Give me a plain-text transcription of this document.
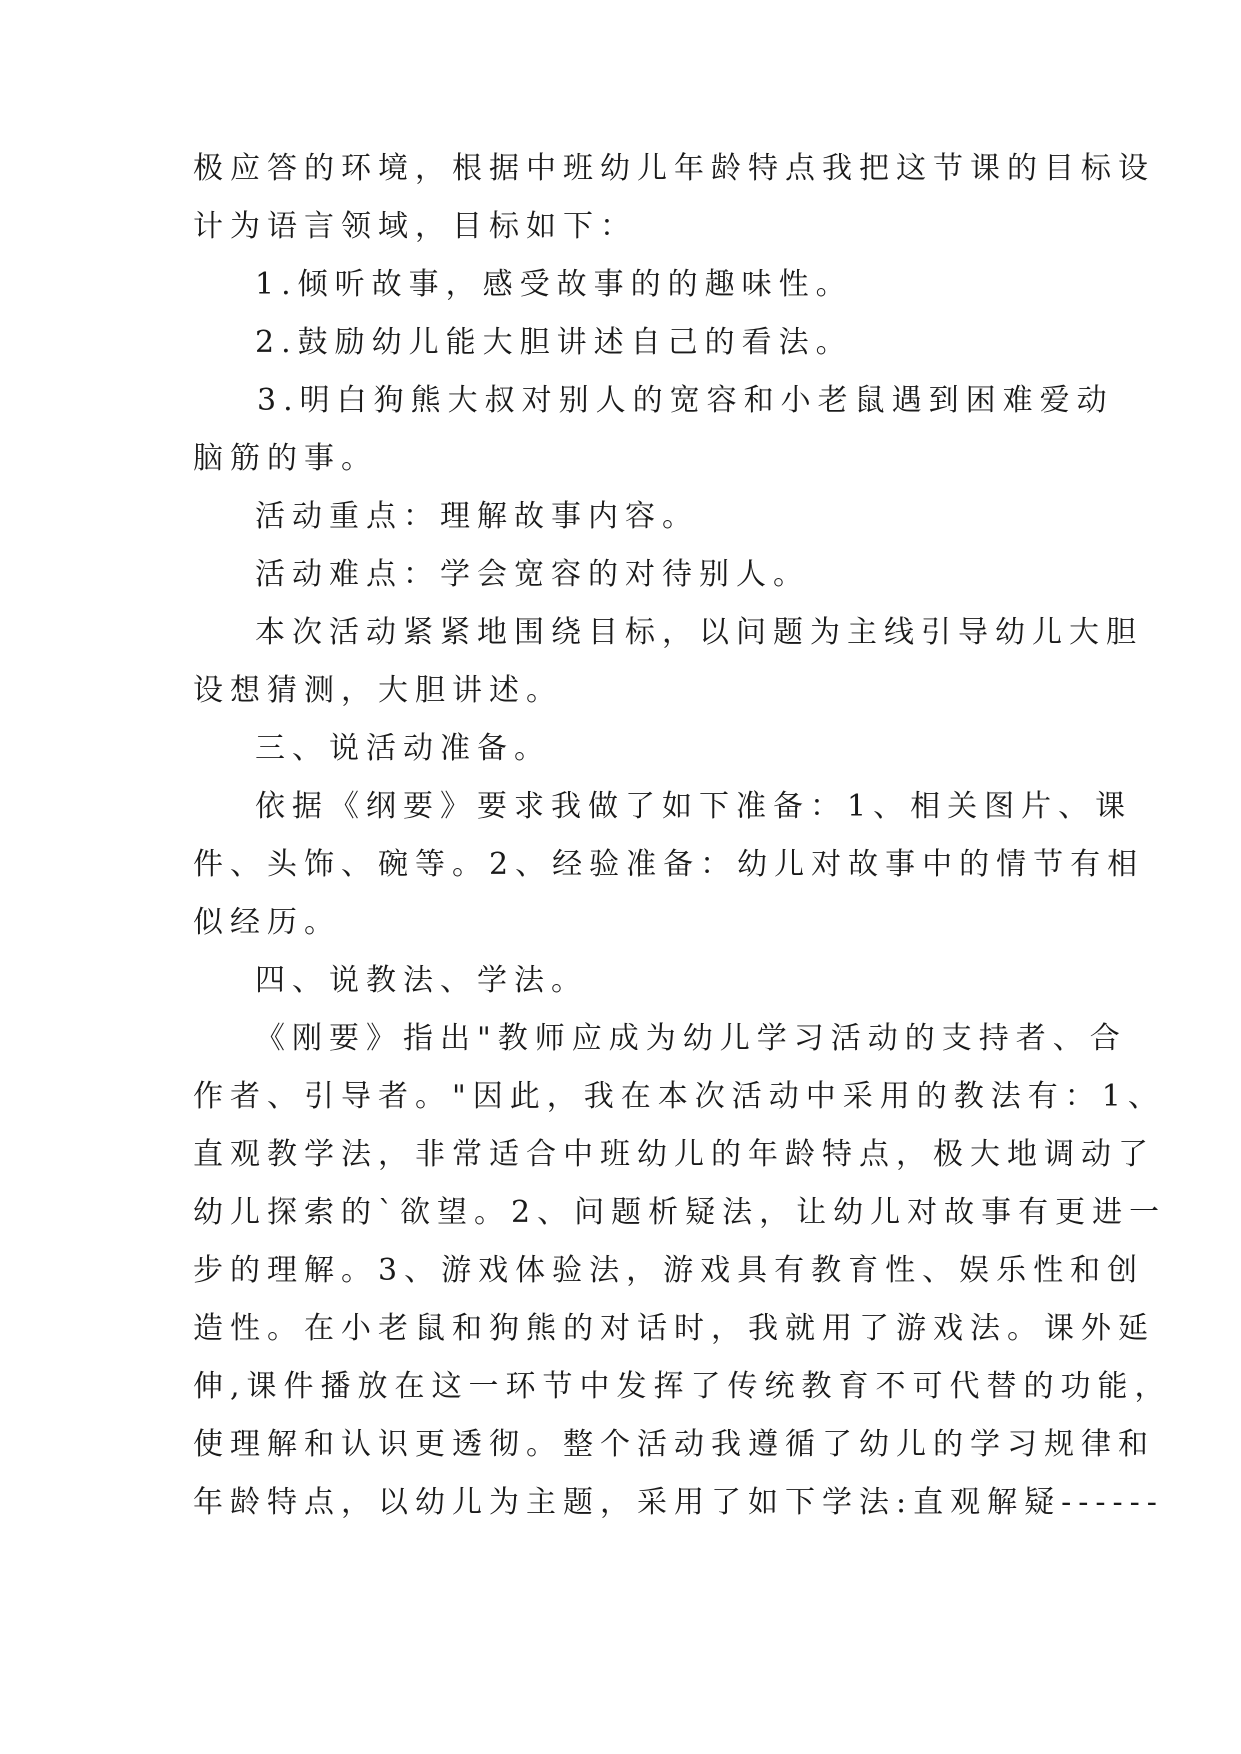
极应答的环境，根据中班幼儿年龄特点我把这节课的目标设
计为语言领域，目标如下：
1.倾听故事，感受故事的的趣味性。
2.鼓励幼儿能大胆讲述自己的看法。
3.明白狗熊大叔对别人的宽容和小老鼠遇到困难爱动
脑筋的事。
活动重点：理解故事内容。
活动难点：学会宽容的对待别人。
本次活动紧紧地围绕目标，以问题为主线引导幼儿大胆
设想猜测，大胆讲述。
三、说活动准备。
依据《纲要》要求我做了如下准备：1、相关图片、课
件、头饰、碗等。2、经验准备：幼儿对故事中的情节有相
似经历。
四、说教法、学法。
《刚要》指出"教师应成为幼儿学习活动的支持者、合
作者、引导者。"因此，我在本次活动中采用的教法有：1、
直观教学法，非常适合中班幼儿的年龄特点，极大地调动了
幼儿探索的`欲望。2、问题析疑法，让幼儿对故事有更进一
步的理解。3、游戏体验法，游戏具有教育性、娱乐性和创
造性。在小老鼠和狗熊的对话时，我就用了游戏法。课外延
伸,课件播放在这一环节中发挥了传统教育不可代替的功能，
使理解和认识更透彻。整个活动我遵循了幼儿的学习规律和
年龄特点，以幼儿为主题，采用了如下学法:直观解疑------
